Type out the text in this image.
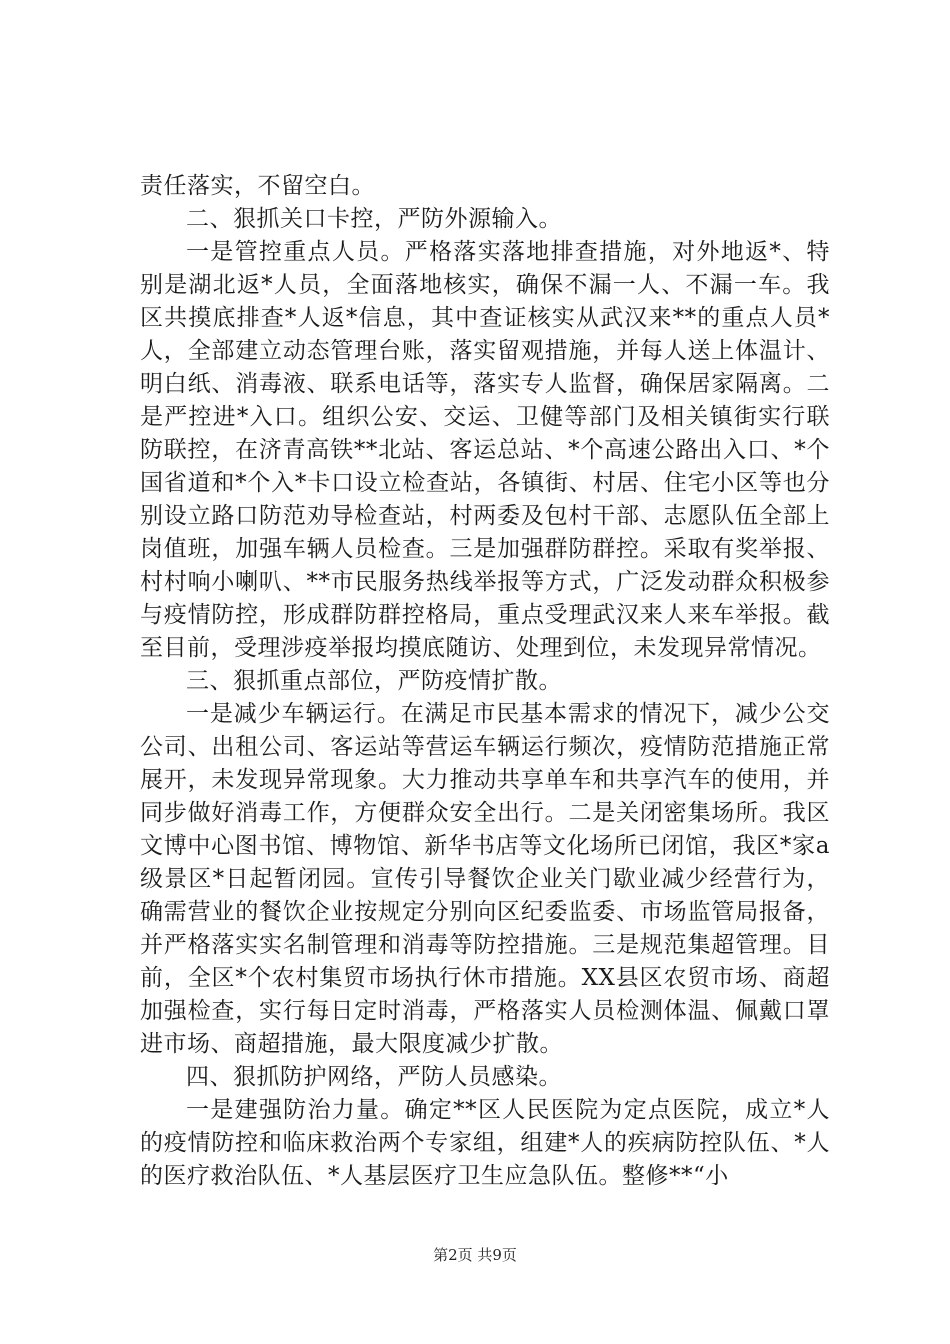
责任落实，不留空白。

二、狠抓关口卡控，严防外源输入。

一是管控重点人员。严格落实落地排查措施，对外地返*、特别是湖北返*人员，全面落地核实，确保不漏一人、不漏一车。我区共摸底排查*人返*信息，其中查证核实从武汉来**的重点人员*人，全部建立动态管理台账，落实留观措施，并每人送上体温计、明白纸、消毒液、联系电话等，落实专人监督，确保居家隔离。二是严控进*入口。组织公安、交运、卫健等部门及相关镇街实行联防联控，在济青高铁**北站、客运总站、*个高速公路出入口、*个国省道和*个入*卡口设立检查站，各镇街、村居、住宅小区等也分别设立路口防范劝导检查站，村两委及包村干部、志愿队伍全部上岗值班，加强车辆人员检查。三是加强群防群控。采取有奖举报、村村响小喇叭、**市民服务热线举报等方式，广泛发动群众积极参与疫情防控，形成群防群控格局，重点受理武汉来人来车举报。截至目前，受理涉疫举报均摸底随访、处理到位，未发现异常情况。

三、狠抓重点部位，严防疫情扩散。

一是减少车辆运行。在满足市民基本需求的情况下，减少公交公司、出租公司、客运站等营运车辆运行频次，疫情防范措施正常展开，未发现异常现象。大力推动共享单车和共享汽车的使用，并同步做好消毒工作，方便群众安全出行。二是关闭密集场所。我区文博中心图书馆、博物馆、新华书店等文化场所已闭馆，我区*家a级景区*日起暂闭园。宣传引导餐饮企业关门歇业减少经营行为，确需营业的餐饮企业按规定分别向区纪委监委、市场监管局报备，并严格落实实名制管理和消毒等防控措施。三是规范集超管理。目前，全区*个农村集贸市场执行休市措施。XX县区农贸市场、商超加强检查，实行每日定时消毒，严格落实人员检测体温、佩戴口罩进市场、商超措施，最大限度减少扩散。

四、狠抓防护网络，严防人员感染。

一是建强防治力量。确定**区人民医院为定点医院，成立*人的疫情防控和临床救治两个专家组，组建*人的疾病防控队伍、*人的医疗救治队伍、*人基层医疗卫生应急队伍。整修**“小

第2页 共9页
